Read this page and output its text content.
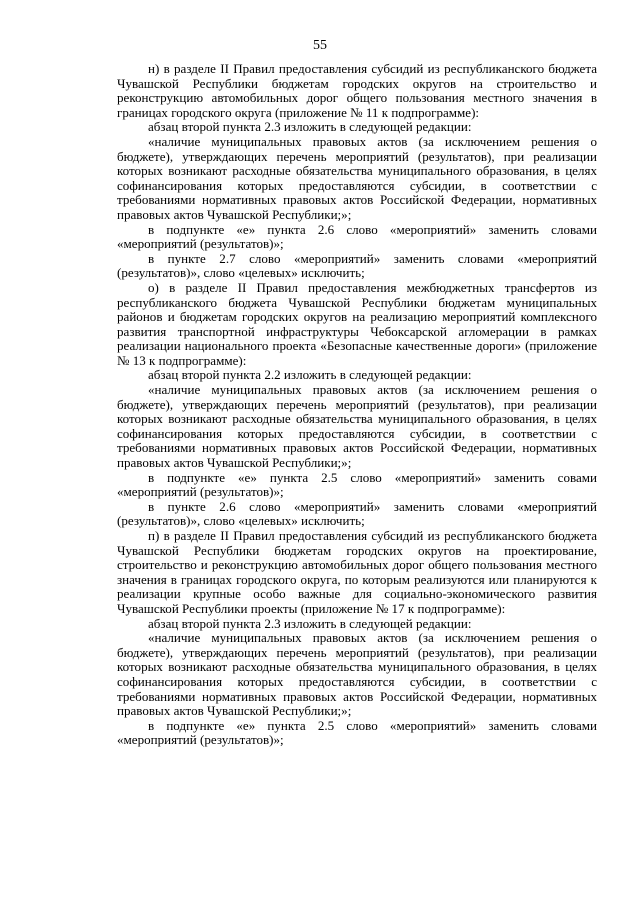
55

н) в разделе II Правил предоставления субсидий из республиканского бюджета Чувашской Республики бюджетам городских округов на строительство и реконструкцию автомобильных дорог общего пользования местного значения в границах городского округа (приложение № 11 к подпрограмме):

абзац второй пункта 2.3 изложить в следующей редакции:

«наличие муниципальных правовых актов (за исключением решения о бюджете), утверждающих перечень мероприятий (результатов), при реализации которых возникают расходные обязательства муниципального образования, в целях софинансирования которых предоставляются субсидии, в соответствии с требованиями нормативных правовых актов Российской Федерации, нормативных правовых актов Чувашской Республики;»;

в подпункте «е» пункта 2.6 слово «мероприятий» заменить словами «мероприятий (результатов)»;

в пункте 2.7 слово «мероприятий» заменить словами «мероприятий (результатов)», слово «целевых» исключить;

о) в разделе II Правил предоставления межбюджетных трансфертов из республиканского бюджета Чувашской Республики бюджетам муниципальных районов и бюджетам городских округов на реализацию мероприятий комплексного развития транспортной инфраструктуры Чебоксарской агломерации в рамках реализации национального проекта «Безопасные качественные дороги» (приложение № 13 к подпрограмме):

абзац второй пункта 2.2 изложить в следующей редакции:

«наличие муниципальных правовых актов (за исключением решения о бюджете), утверждающих перечень мероприятий (результатов), при реализации которых возникают расходные обязательства муниципального образования, в целях софинансирования которых предоставляются субсидии, в соответствии с требованиями нормативных правовых актов Российской Федерации, нормативных правовых актов Чувашской Республики;»;

в подпункте «е» пункта 2.5 слово «мероприятий» заменить совами «мероприятий (результатов)»;

в пункте 2.6 слово «мероприятий» заменить словами «мероприятий (результатов)», слово «целевых» исключить;

п) в разделе II Правил предоставления субсидий из республиканского бюджета Чувашской Республики бюджетам городских округов на проектирование, строительство и реконструкцию автомобильных дорог общего пользования местного значения в границах городского округа, по которым реализуются или планируются к реализации крупные особо важные для социально-экономического развития Чувашской Республики проекты (приложение № 17 к подпрограмме):

абзац второй пункта 2.3 изложить в следующей редакции:

«наличие муниципальных правовых актов (за исключением решения о бюджете), утверждающих перечень мероприятий (результатов), при реализации которых возникают расходные обязательства муниципального образования, в целях софинансирования которых предоставляются субсидии, в соответствии с требованиями нормативных правовых актов Российской Федерации, нормативных правовых актов Чувашской Республики;»;

в подпункте «е» пункта 2.5 слово «мероприятий» заменить словами «мероприятий (результатов)»;
